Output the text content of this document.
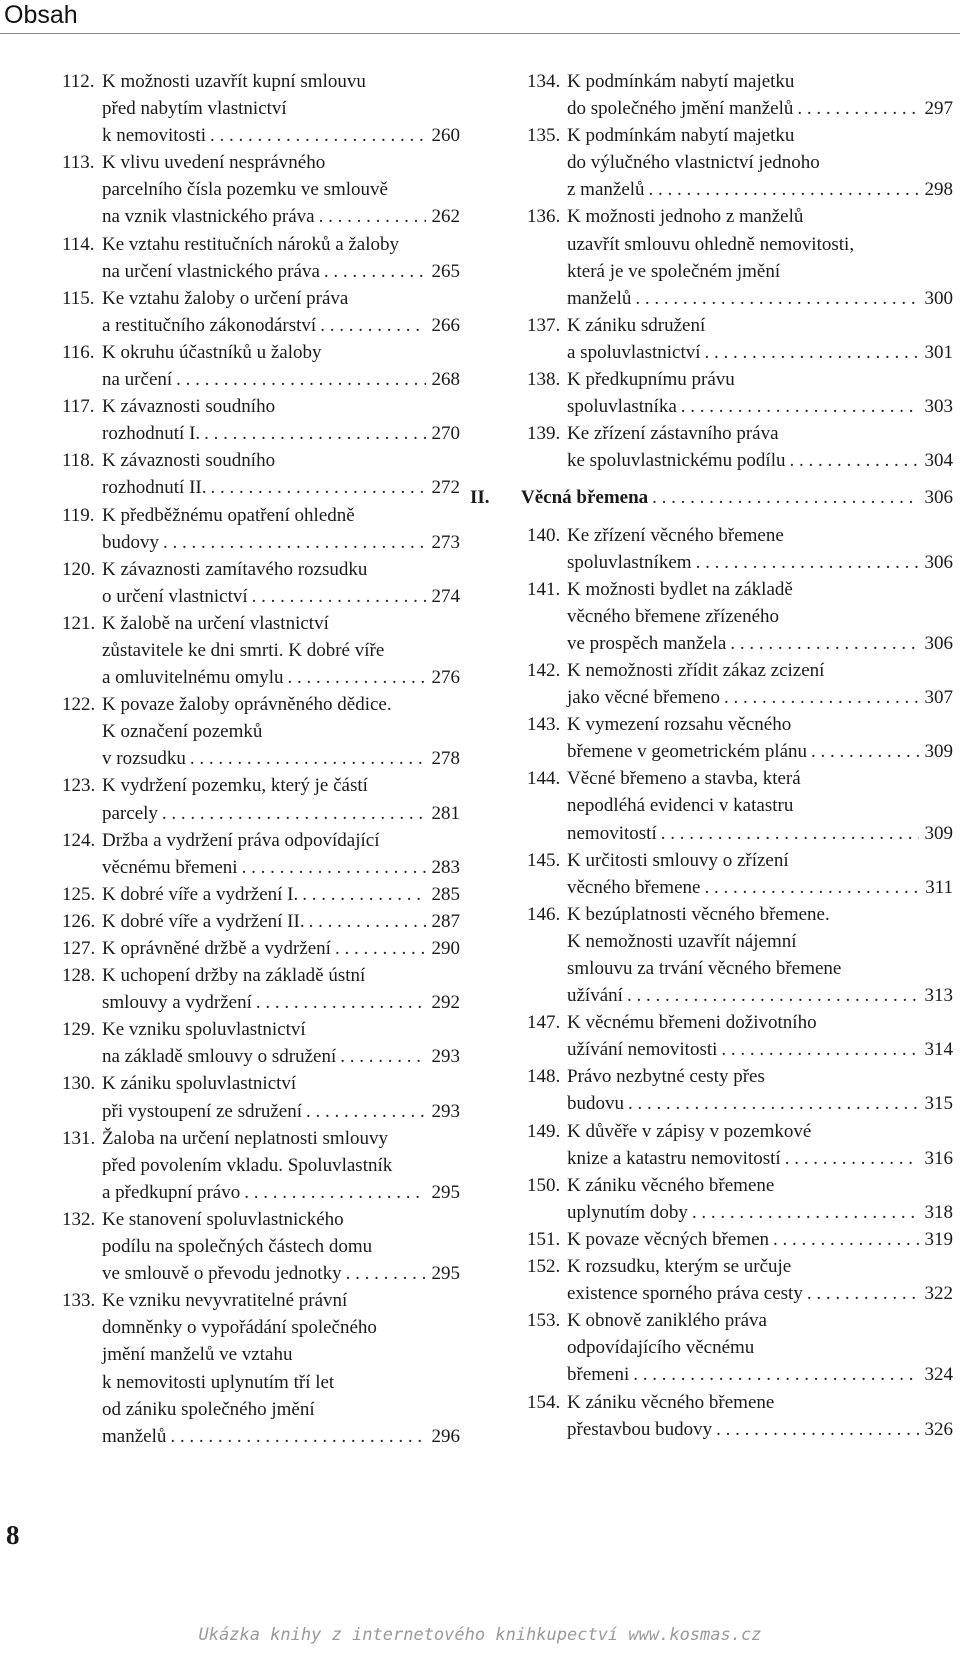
Obsah
112. K možnosti uzavřít kupní smlouvu
před nabytím vlastnictví
k nemovitosti . . .	260
113. K vlivu uvedení nesprávného
parcelního čísla pozemku ve smlouvě
na vznik vlastnického práva . . .	262
114. Ke vztahu restitučních nároků a žaloby
na určení vlastnického práva . . .	265
115. Ke vztahu žaloby o určení práva
a restitučního zákonodárství . . .	266
116. K okruhu účastníků u žaloby
na určení . . .	268
117. K závaznosti soudního
rozhodnutí I. . . .	270
118. K závaznosti soudního
rozhodnutí II. . . .	272
119. K předběžnému opatření ohledně
budovy . . .	273
120. K závaznosti zamítavého rozsudku
o určení vlastnictví . . .	274
121. K žalobě na určení vlastnictví
zůstavitele ke dni smrti. K dobré víře
a omluvitelnému omylu . . .	276
122. K povaze žaloby oprávněného dědice.
K označení pozemků
v rozsudku . . .	278
123. K vydržení pozemku, který je částí
parcely . . .	281
124. Držba a vydržení práva odpovídající
věcnému břemeni . . .	283
125. K dobré víře a vydržení I. . . .	285
126. K dobré víře a vydržení II. . . .	287
127. K oprávněné držbě a vydržení . . .	290
128. K uchopení držby na základě ústní
smlouvy a vydržení . . .	292
129. Ke vzniku spoluvlastnictví
na základě smlouvy o sdružení . . .	293
130. K zániku spoluvlastnictví
při vystoupení ze sdružení . . .	293
131. Žaloba na určení neplatnosti smlouvy
před povolením vkladu. Spoluvlastník
a předkupní právo . . .	295
132. Ke stanovení spoluvlastnického
podílu na společných částech domu
ve smlouvě o převodu jednotky . . .	295
133. Ke vzniku nevyvratitelné právní
domněnky o vypořádání společného
jmění manželů ve vztahu
k nemovitosti uplynutím tří let
od zániku společného jmění
manželů . . .	296
134. K podmínkám nabytí majetku
do společného jmění manželů . . .	297
135. K podmínkám nabytí majetku
do výlučného vlastnictví jednoho
z manželů . . .	298
136. K možnosti jednoho z manželů
uzavřít smlouvu ohledně nemovitosti,
která je ve společném jmění
manželů . . .	300
137. K zániku sdružení
a spoluvlastnictví . . .	301
138. K předkupnímu právu
spoluvlastníka . . .	303
139. Ke zřízení zástavního práva
ke spoluvlastnickému podílu . . .	304
II.	Věcná břemena . . .	306
140. Ke zřízení věcného břemene
spoluvlastníkem . . .	306
141. K možnosti bydlet na základě
věcného břemene zřízeného
ve prospěch manžela . . .	306
142. K nemožnosti zřídit zákaz zcizení
jako věcné břemeno . . .	307
143. K vymezení rozsahu věcného
břemene v geometrickém plánu . . .	309
144. Věcné břemeno a stavba, která
nepodléhá evidenci v katastru
nemovitostí . . .	309
145. K určitosti smlouvy o zřízení
věcného břemene . . .	311
146. K bezúplatnosti věcného břemene.
K nemožnosti uzavřít nájemní
smlouvu za trvání věcného břemene
užívání . . .	313
147. K věcnému břemeni doživotního
užívání nemovitosti . . .	314
148. Právo nezbytné cesty přes
budovu . . .	315
149. K důvěře v zápisy v pozemkové
knize a katastru nemovitostí . . .	316
150. K zániku věcného břemene
uplynutím doby . . .	318
151. K povaze věcných břemen . . .	319
152. K rozsudku, kterým se určuje
existence sporného práva cesty . . .	322
153. K obnově zaniklého práva
odpovídajícího věcnému
břemeni . . .	324
154. K zániku věcného břemene
přestavbou budovy . . .	326
8
Ukázka knihy z internetového knihkupectví www.kosmas.cz
